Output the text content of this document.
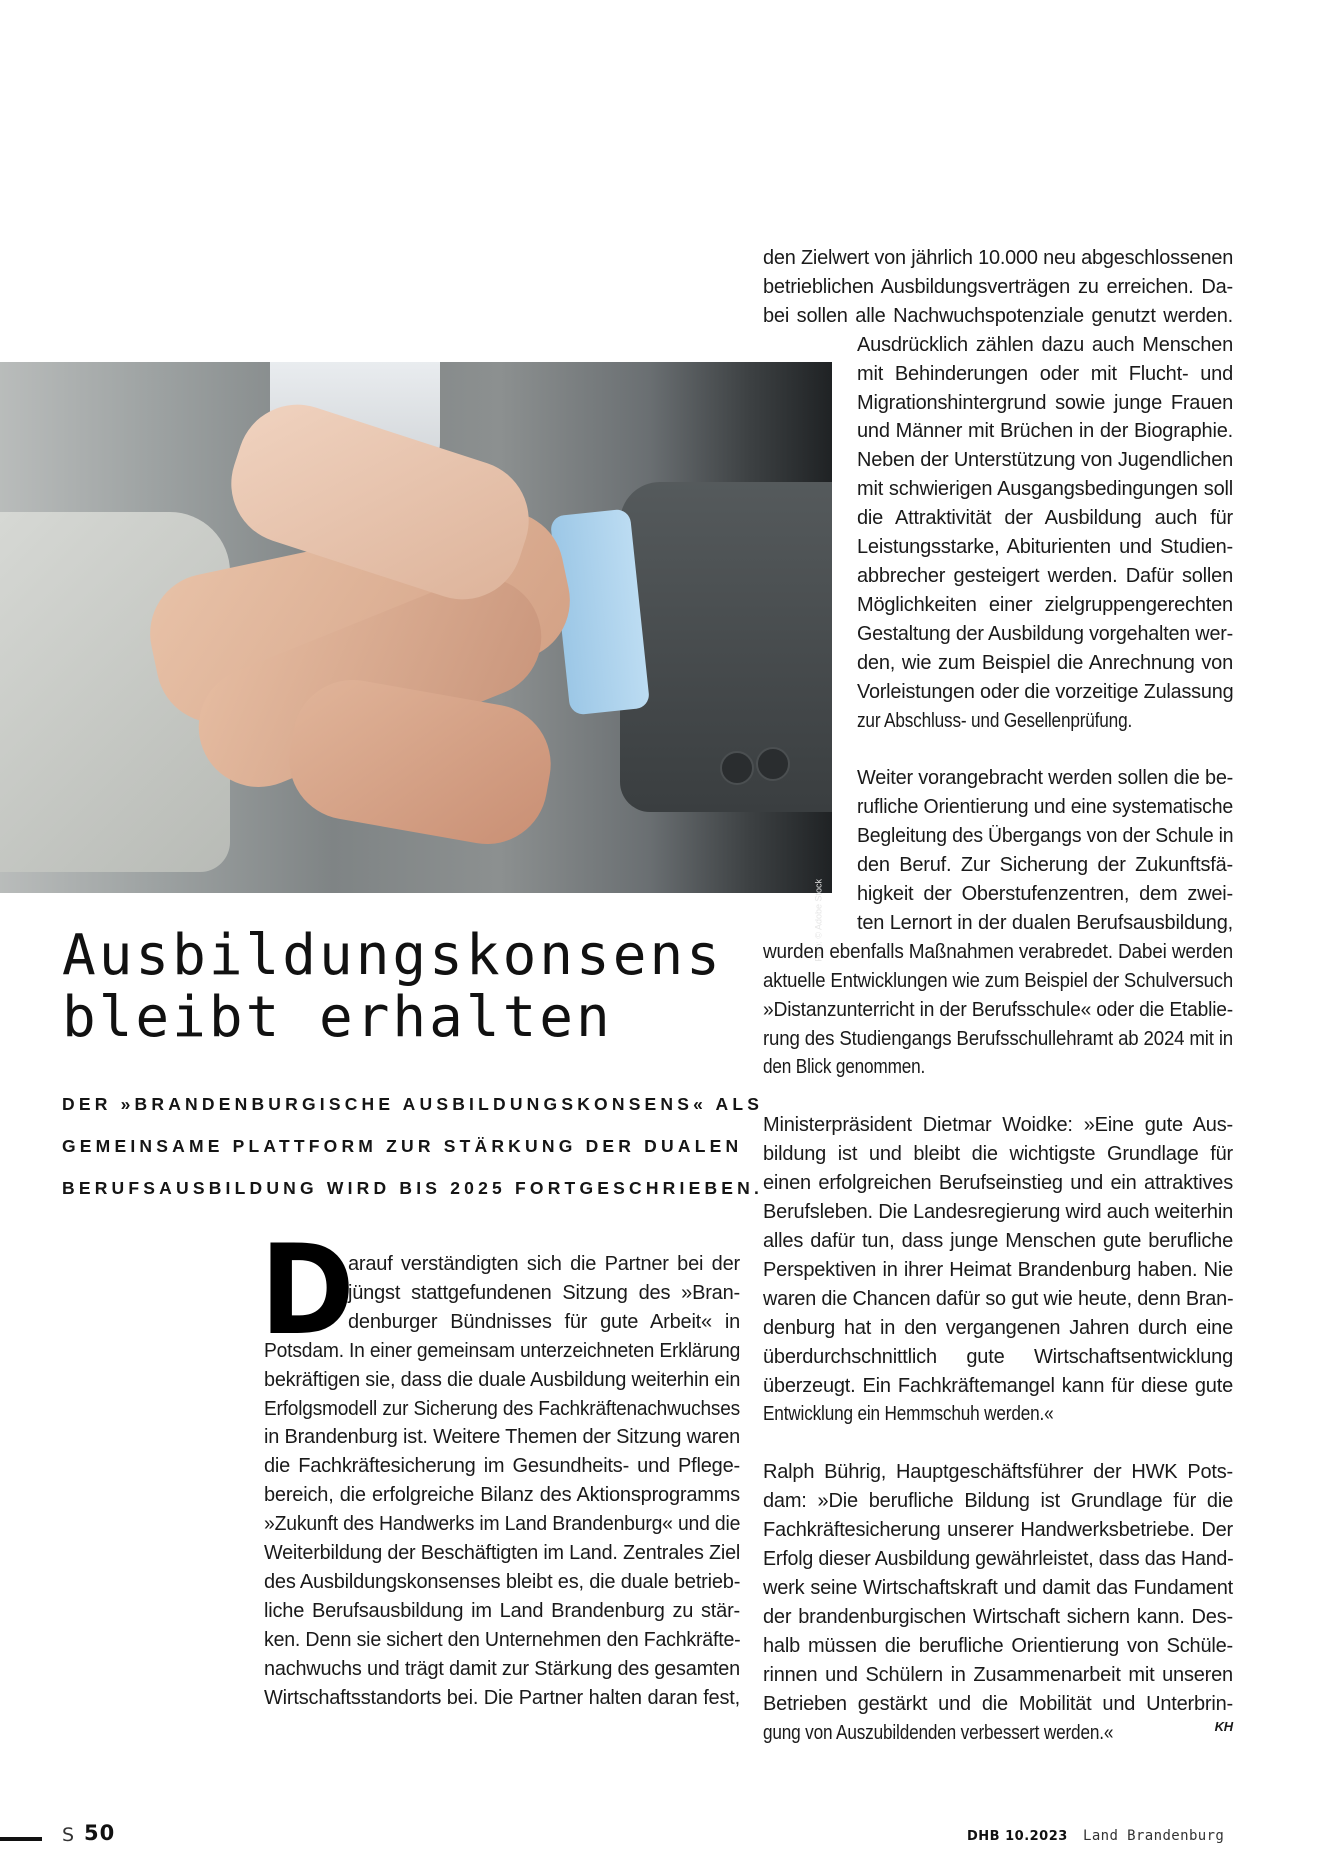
Foto: © Adobe Stock
Ausbildungskonsens
bleibt erhalten
DER »BRANDENBURGISCHE AUSBILDUNGSKONSENS« ALS
GEMEINSAME PLATTFORM ZUR STÄRKUNG DER DUALEN
BERUFSAUSBILDUNG WIRD BIS 2025 FORTGESCHRIEBEN.
D
arauf verständigten sich die Partner bei der
jüngst stattgefundenen Sitzung des »Bran-
denburger Bündnisses für gute Arbeit« in
Potsdam. In einer gemeinsam unterzeichneten Erklärung
bekräftigen sie, dass die duale Ausbildung weiterhin ein
Erfolgsmodell zur Sicherung des Fachkräftenachwuchses
in Brandenburg ist. Weitere Themen der Sitzung waren
die Fachkräftesicherung im Gesundheits- und Pflege-
bereich, die erfolgreiche Bilanz des Aktionsprogramms
»Zukunft des Handwerks im Land Brandenburg« und die
Weiterbildung der Beschäftigten im Land. Zentrales Ziel
des Ausbildungskonsenses bleibt es, die duale betrieb-
liche Berufsausbildung im Land Brandenburg zu stär-
ken. Denn sie sichert den Unternehmen den Fachkräfte-
nachwuchs und trägt damit zur Stärkung des gesamten
Wirtschaftsstandorts bei. Die Partner halten daran fest,
den Zielwert von jährlich 10.000 neu abgeschlossenen
betrieblichen Ausbildungsverträgen zu erreichen. Da-
bei sollen alle Nachwuchspotenziale genutzt werden.
Ausdrücklich zählen dazu auch Menschen
mit Behinderungen oder mit Flucht- und
Migrationshintergrund sowie junge Frauen
und Männer mit Brüchen in der Biographie.
Neben der Unterstützung von Jugendlichen
mit schwierigen Ausgangsbedingungen soll
die Attraktivität der Ausbildung auch für
Leistungsstarke, Abiturienten und Studien-
abbrecher gesteigert werden. Dafür sollen
Möglichkeiten einer zielgruppengerechten
Gestaltung der Ausbildung vorgehalten wer-
den, wie zum Beispiel die Anrechnung von
Vorleistungen oder die vorzeitige Zulassung
zur Abschluss- und Gesellenprüfung.
Weiter vorangebracht werden sollen die be-
rufliche Orientierung und eine systematische
Begleitung des Übergangs von der Schule in
den Beruf. Zur Sicherung der Zukunftsfä-
higkeit der Oberstufenzentren, dem zwei-
ten Lernort in der dualen Berufsausbildung,
wurden ebenfalls Maßnahmen verabredet. Dabei werden
aktuelle Entwicklungen wie zum Beispiel der Schulversuch
»Distanzunterricht in der Berufsschule« oder die Etablie-
rung des Studiengangs Berufsschullehramt ab 2024 mit in
den Blick genommen.
Ministerpräsident Dietmar Woidke: »Eine gute Aus-
bildung ist und bleibt die wichtigste Grundlage für
einen erfolgreichen Berufseinstieg und ein attraktives
Berufsleben. Die Landesregierung wird auch weiterhin
alles dafür tun, dass junge Menschen gute berufliche
Perspektiven in ihrer Heimat Brandenburg haben. Nie
waren die Chancen dafür so gut wie heute, denn Bran-
denburg hat in den vergangenen Jahren durch eine
überdurchschnittlich gute Wirtschaftsentwicklung
überzeugt. Ein Fachkräftemangel kann für diese gute
Entwicklung ein Hemmschuh werden.«
Ralph Bührig, Hauptgeschäftsführer der HWK Pots-
dam: »Die berufliche Bildung ist Grundlage für die
Fachkräftesicherung unserer Handwerksbetriebe. Der
Erfolg dieser Ausbildung gewährleistet, dass das Hand-
werk seine Wirtschaftskraft und damit das Fundament
der brandenburgischen Wirtschaft sichern kann. Des-
halb müssen die berufliche Orientierung von Schüle-
rinnen und Schülern in Zusammenarbeit mit unseren
Betrieben gestärkt und die Mobilität und Unterbrin-
gung von Auszubildenden verbessert werden.«	KH
S 50	DHB 10.2023 Land Brandenburg
